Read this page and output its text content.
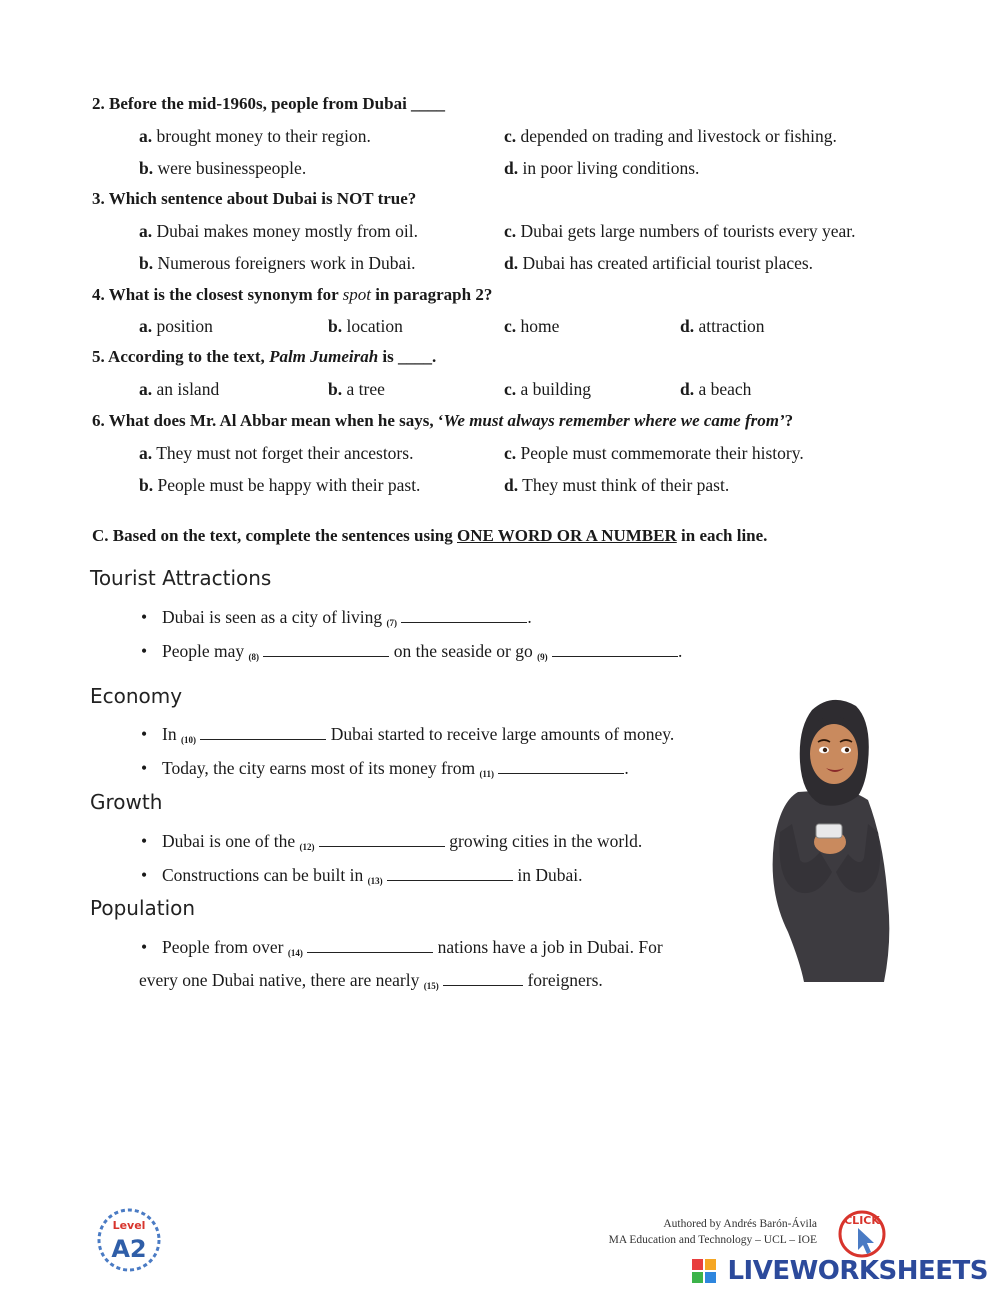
2. Before the mid-1960s, people from Dubai ____
a. brought money to their region.
b. were businesspeople.
c. depended on trading and livestock or fishing.
d. in poor living conditions.
3. Which sentence about Dubai is NOT true?
a. Dubai makes money mostly from oil.
b. Numerous foreigners work in Dubai.
c. Dubai gets large numbers of tourists every year.
d. Dubai has created artificial tourist places.
4. What is the closest synonym for spot in paragraph 2?
a. position	b. location	c. home	d. attraction
5. According to the text, Palm Jumeirah is ____.
a. an island	b. a tree	c. a building	d. a beach
6. What does Mr. Al Abbar mean when he says, ‘We must always remember where we came from’?
a. They must not forget their ancestors.
b. People must be happy with their past.
c. People must commemorate their history.
d. They must think of their past.
C. Based on the text, complete the sentences using ONE WORD OR A NUMBER in each line.
Tourist Attractions
• Dubai is seen as a city of living (7)	.
• People may (8)	on the seaside or go (9)	.
Economy
• In (10)	Dubai started to receive large amounts of money.
• Today, the city earns most of its money from (11)	.
Growth
• Dubai is one of the (12)	growing cities in the world.
• Constructions can be built in (13)	in Dubai.
Population
• People from over (14)	nations have a job in Dubai. For
every one Dubai native, there are nearly (15)	foreigners.
Level
A2
Authored by Andrés Barón-Ávila
MA Education and Technology – UCL – IOE
CLICK
LIVEWORKSHEETS
